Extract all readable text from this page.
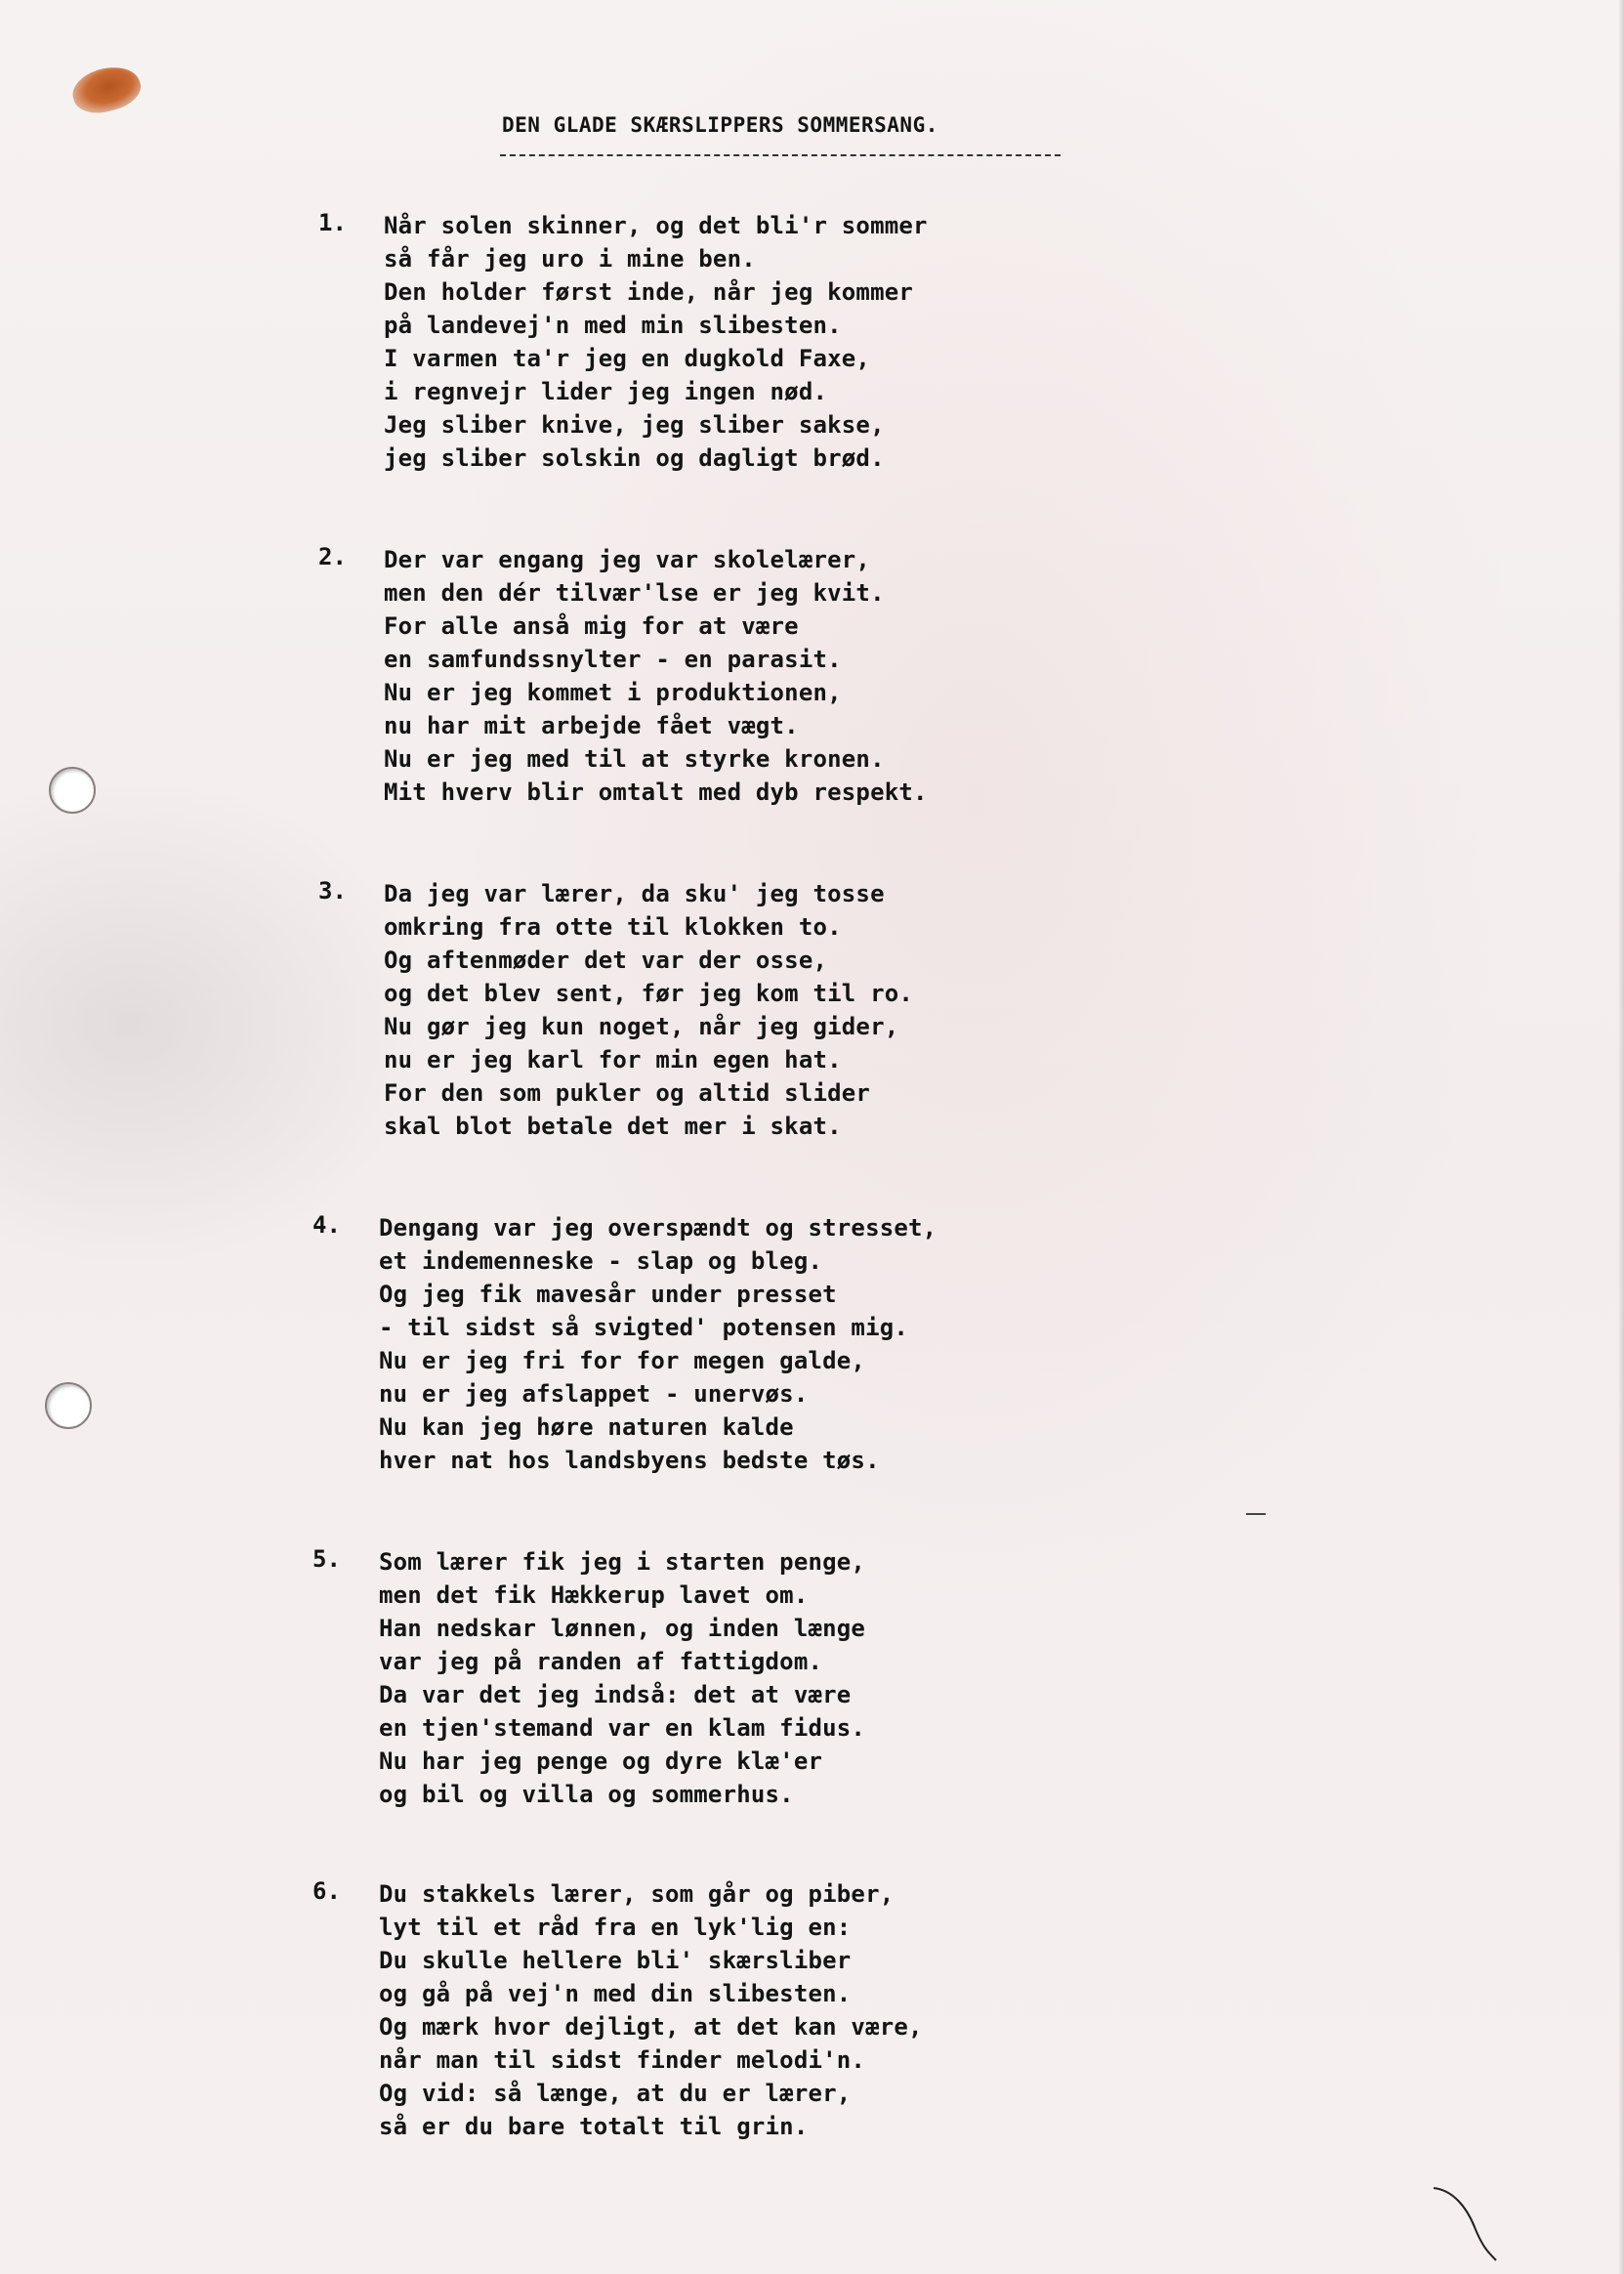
DEN GLADE SKÆRSLIPPERS SOMMERSANG.
1. Når solen skinner, og det bli'r sommer
så får jeg uro i mine ben.
Den holder først inde, når jeg kommer
på landevej'n med min slibesten.
I varmen ta'r jeg en dugkold Faxe,
i regnvejr lider jeg ingen nød.
Jeg sliber knive, jeg sliber sakse,
jeg sliber solskin og dagligt brød.
2. Der var engang jeg var skolelærer,
men den dér tilvær'lse er jeg kvit.
For alle anså mig for at være
en samfundssnylter - en parasit.
Nu er jeg kommet i produktionen,
nu har mit arbejde fået vægt.
Nu er jeg med til at styrke kronen.
Mit hverv blir omtalt med dyb respekt.
3. Da jeg var lærer, da sku' jeg tosse
omkring fra otte til klokken to.
Og aftenmøder det var der osse,
og det blev sent, før jeg kom til ro.
Nu gør jeg kun noget, når jeg gider,
nu er jeg karl for min egen hat.
For den som pukler og altid slider
skal blot betale det mer i skat.
4. Dengang var jeg overspændt og stresset,
et indemenneske - slap og bleg.
Og jeg fik mavesår under presset
- til sidst så svigted' potensen mig.
Nu er jeg fri for for megen galde,
nu er jeg afslappet - unervøs.
Nu kan jeg høre naturen kalde
hver nat hos landsbyens bedste tøs.
5. Som lærer fik jeg i starten penge,
men det fik Hækkerup lavet om.
Han nedskar lønnen, og inden længe
var jeg på randen af fattigdom.
Da var det jeg indså: det at være
en tjen'stemand var en klam fidus.
Nu har jeg penge og dyre klæ'er
og bil og villa og sommerhus.
6. Du stakkels lærer, som går og piber,
lyt til et råd fra en lyk'lig en:
Du skulle hellere bli' skærsliber
og gå på vej'n med din slibesten.
Og mærk hvor dejligt, at det kan være,
når man til sidst finder melodi'n.
Og vid: så længe, at du er lærer,
så er du bare totalt til grin.
